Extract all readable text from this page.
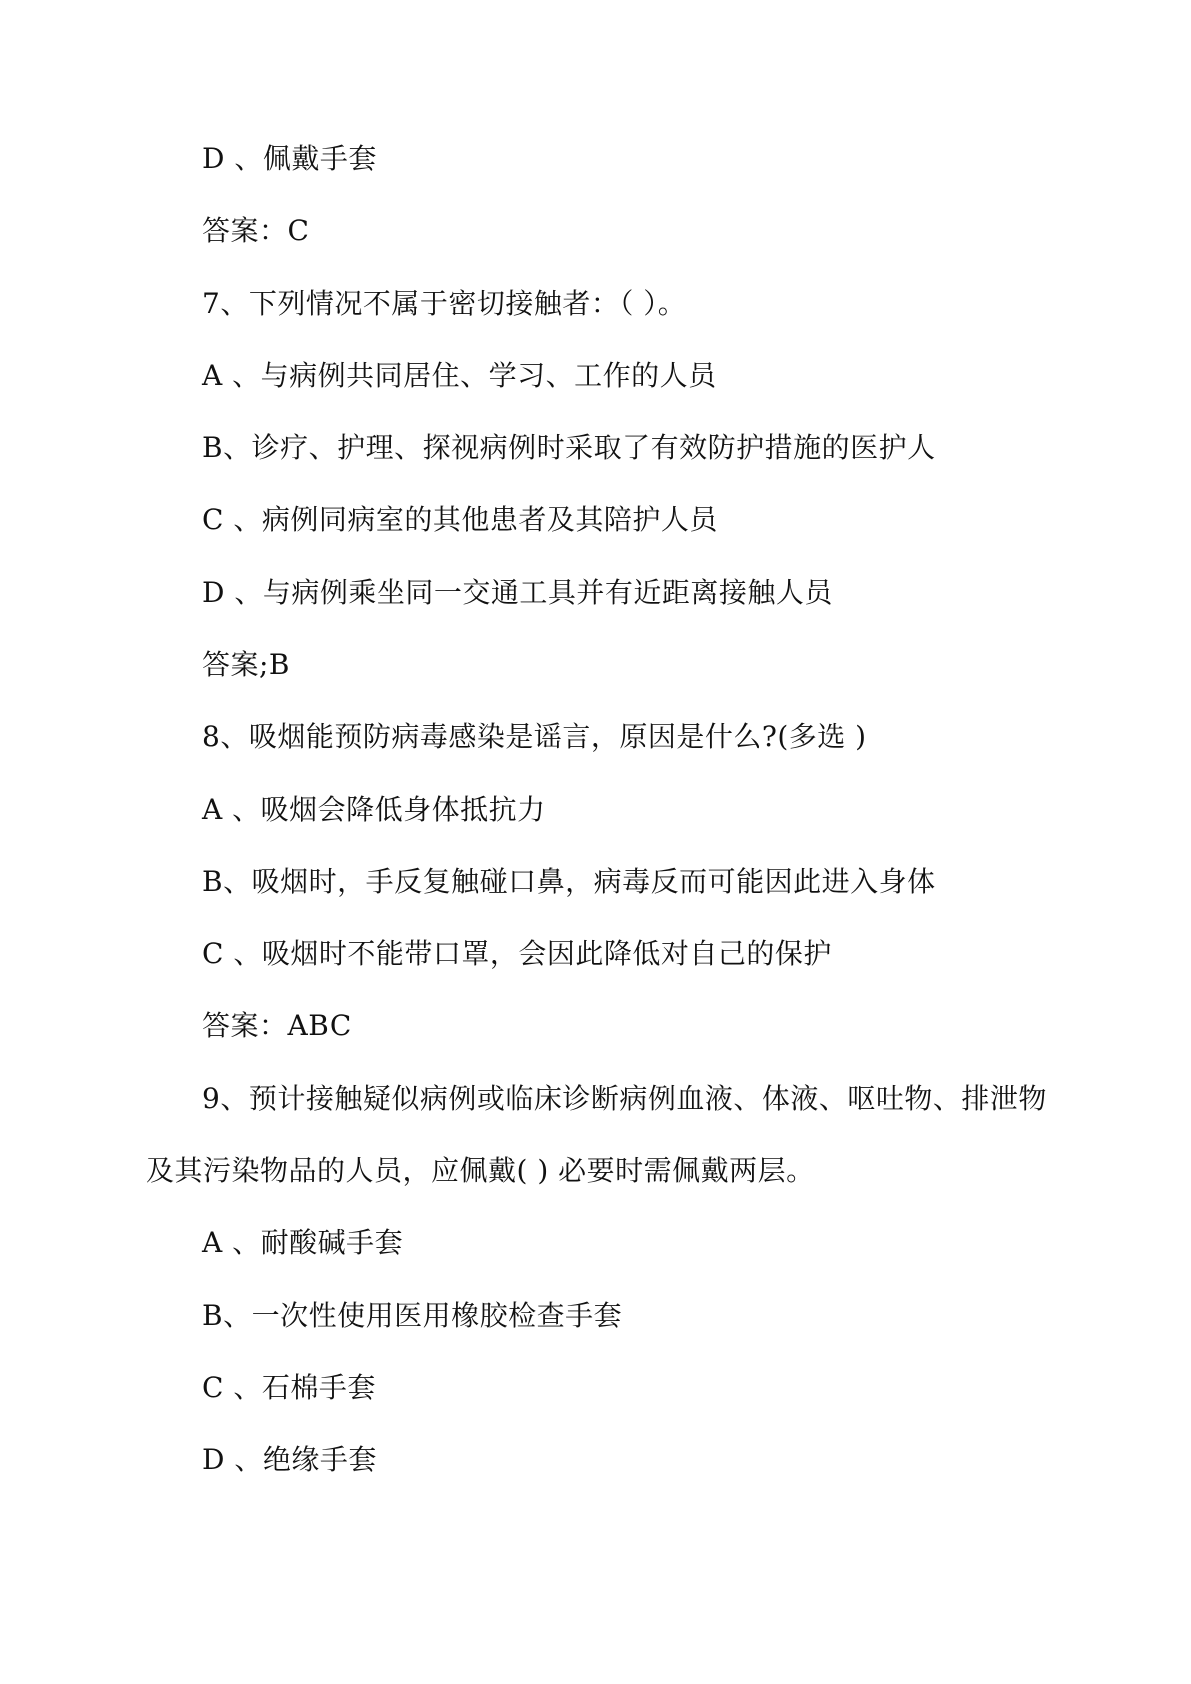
D 、佩戴手套
答案：C
7、下列情况不属于密切接触者：（ ）。
A 、与病例共同居住、学习、工作的人员
B、诊疗、护理、探视病例时采取了有效防护措施的医护人
C 、病例同病室的其他患者及其陪护人员
D 、与病例乘坐同一交通工具并有近距离接触人员
答案;B
8、吸烟能预防病毒感染是谣言，原因是什么?(多选 )
A 、吸烟会降低身体抵抗力
B、吸烟时，手反复触碰口鼻，病毒反而可能因此进入身体
C 、吸烟时不能带口罩，会因此降低对自己的保护
答案：ABC
9、预计接触疑似病例或临床诊断病例血液、体液、呕吐物、排泄物
及其污染物品的人员，应佩戴( ) 必要时需佩戴两层。
A 、耐酸碱手套
B、一次性使用医用橡胶检查手套
C 、石棉手套
D 、绝缘手套
